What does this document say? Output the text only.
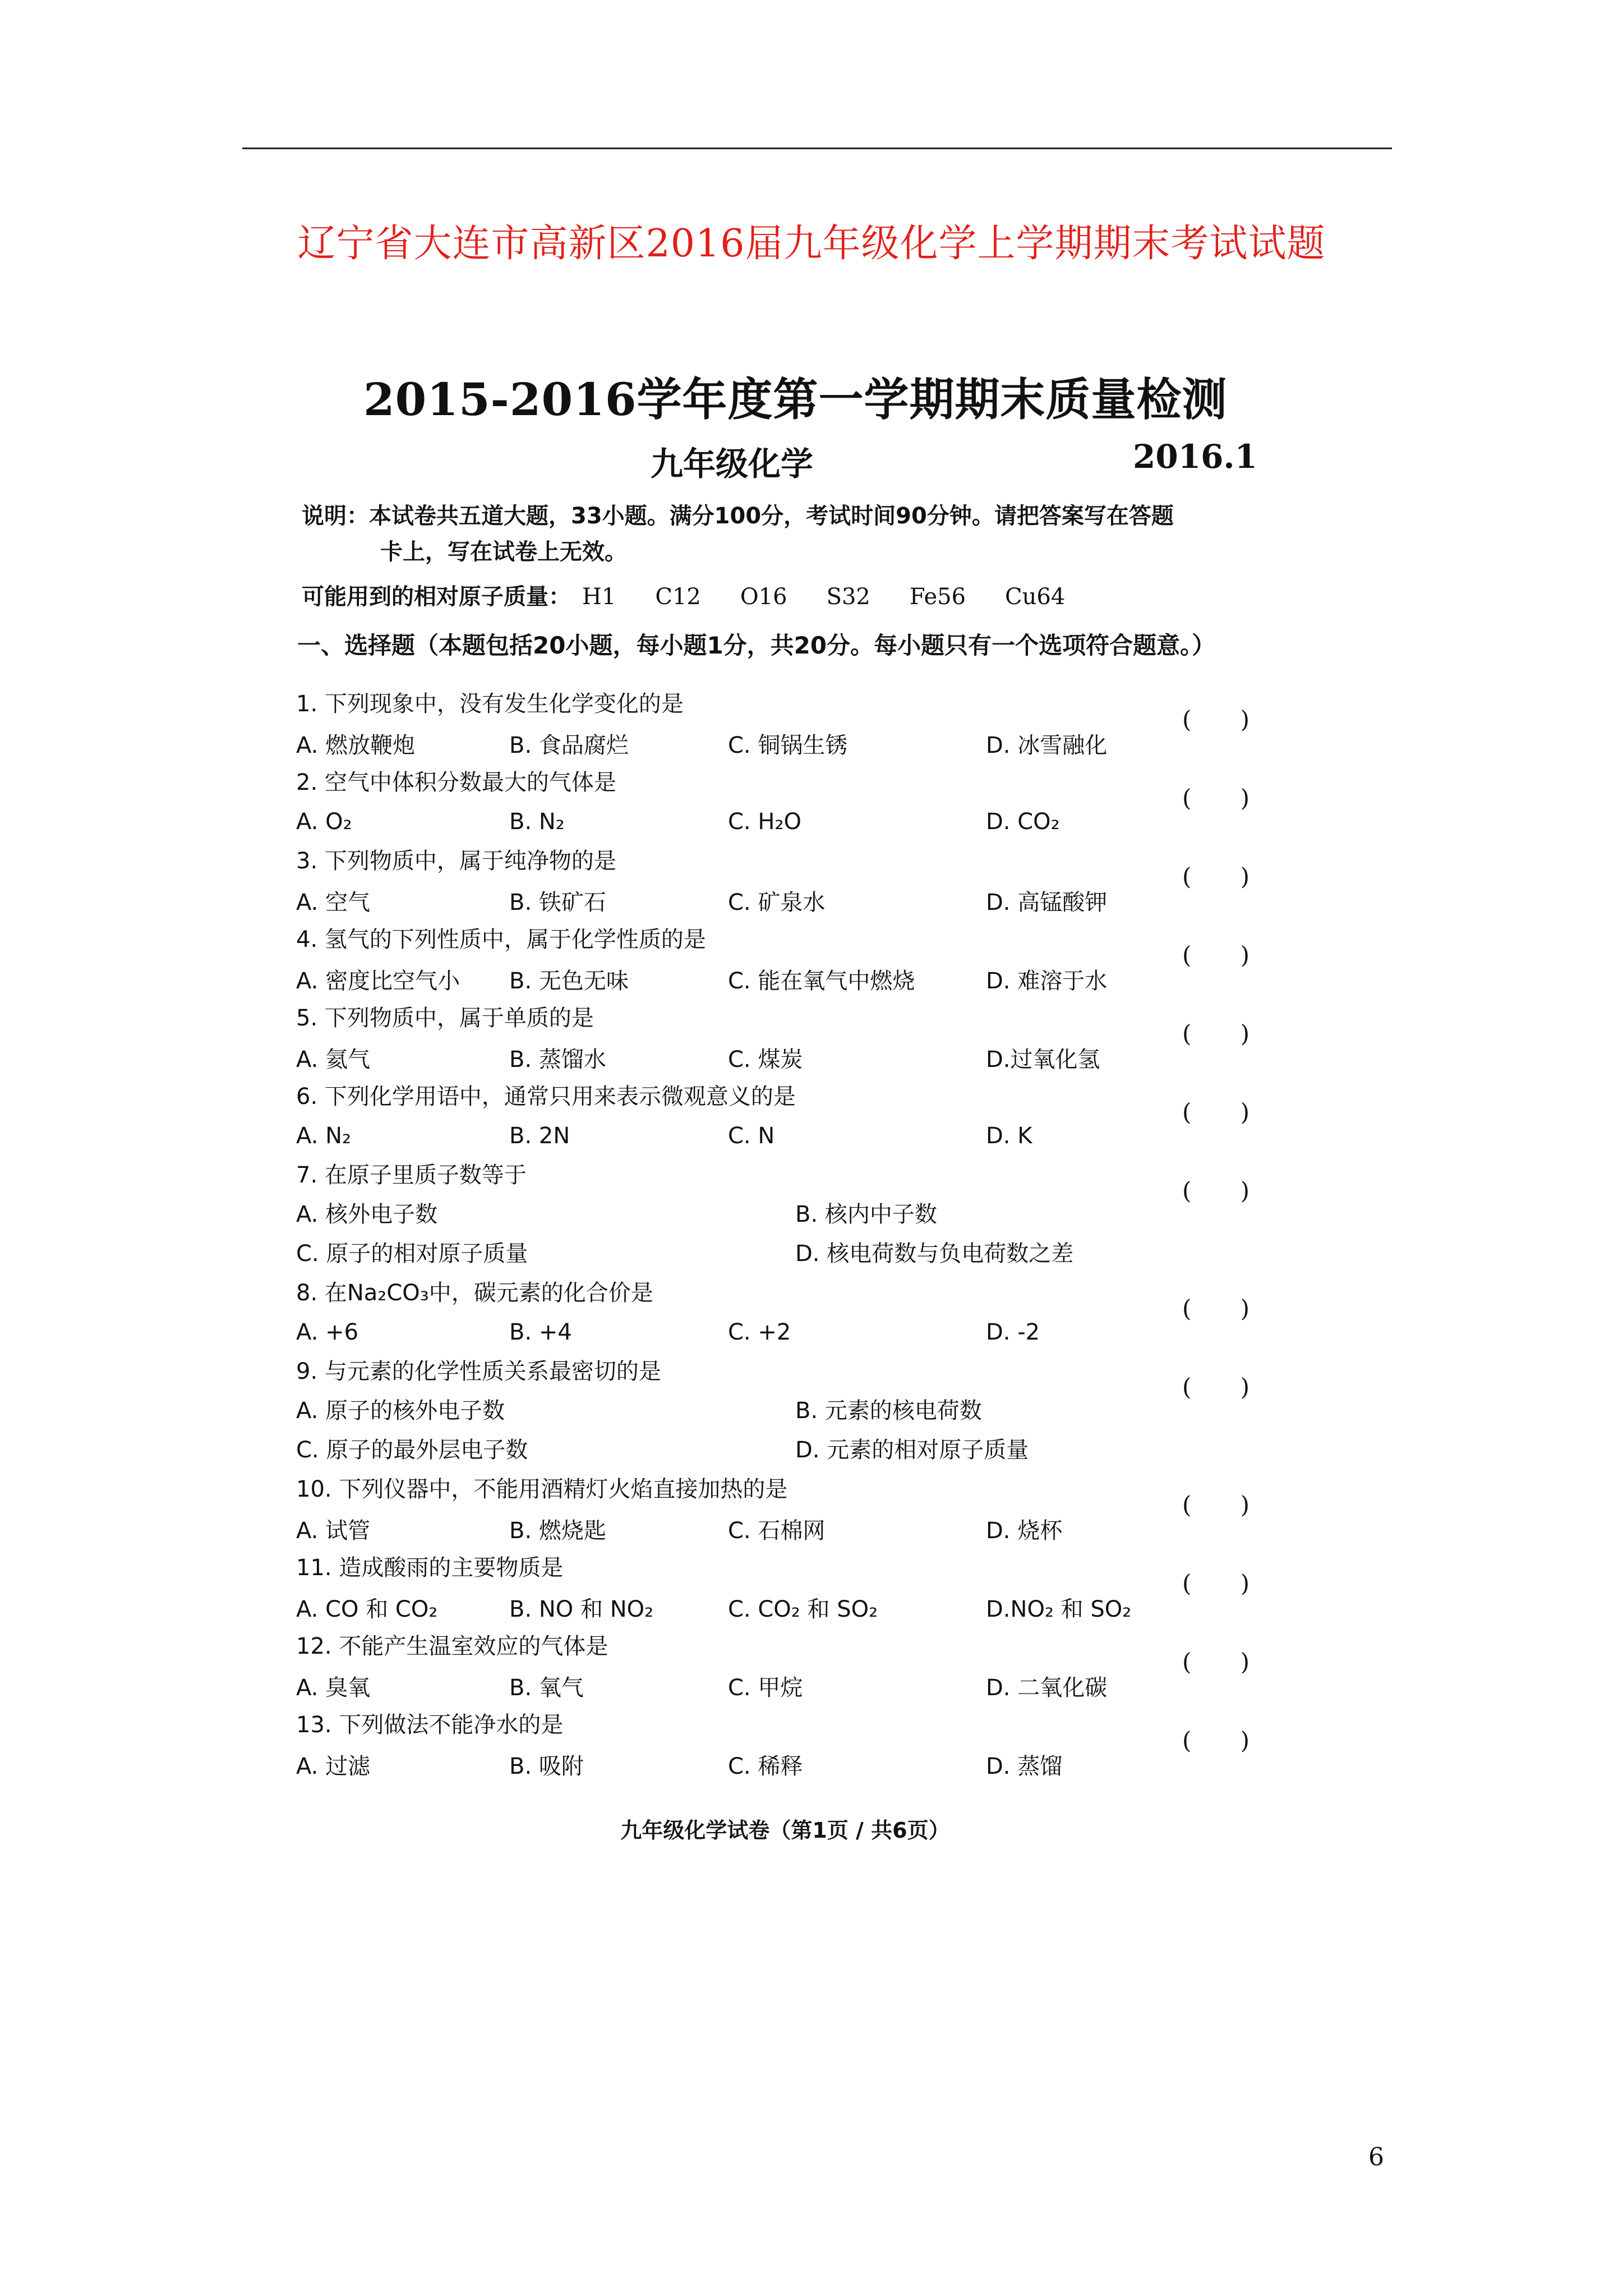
辽宁省大连市高新区2016届九年级化学上学期期末考试试题
2015-2016学年度第一学期期末质量检测
九年级化学	2016.1
说明：本试卷共五道大题，33小题。满分100分，考试时间90分钟。请把答案写在答题
卡上，写在试卷上无效。
可能用到的相对原子质量： H1 C12 O16 S32 Fe56 Cu64
一、选择题（本题包括20小题，每小题1分，共20分。每小题只有一个选项符合题意。）
1. 下列现象中，没有发生化学变化的是
( )
A. 燃放鞭炮	B. 食品腐烂	C. 铜锅生锈	D. 冰雪融化
2. 空气中体积分数最大的气体是
( )
A. O₂	B. N₂	C. H₂O	D. CO₂
3. 下列物质中，属于纯净物的是
( )
A. 空气	B. 铁矿石	C. 矿泉水	D. 高锰酸钾
4. 氢气的下列性质中，属于化学性质的是
( )
A. 密度比空气小	B. 无色无味	C. 能在氧气中燃烧	D. 难溶于水
5. 下列物质中，属于单质的是
( )
A. 氦气	B. 蒸馏水	C. 煤炭	D.过氧化氢
6. 下列化学用语中，通常只用来表示微观意义的是
( )
A. N₂	B. 2N	C. N	D. K
7. 在原子里质子数等于
( )
A. 核外电子数	B. 核内中子数
C. 原子的相对原子质量	D. 核电荷数与负电荷数之差
8. 在Na₂CO₃中，碳元素的化合价是
( )
A. +6	B. +4	C. +2	D. -2
9. 与元素的化学性质关系最密切的是
( )
A. 原子的核外电子数	B. 元素的核电荷数
C. 原子的最外层电子数	D. 元素的相对原子质量
10. 下列仪器中，不能用酒精灯火焰直接加热的是
( )
A. 试管	B. 燃烧匙	C. 石棉网	D. 烧杯
11. 造成酸雨的主要物质是
( )
A. CO 和 CO₂	B. NO 和 NO₂	C. CO₂ 和 SO₂	D.NO₂ 和 SO₂
12. 不能产生温室效应的气体是
( )
A. 臭氧	B. 氧气	C. 甲烷	D. 二氧化碳
13. 下列做法不能净水的是
( )
A. 过滤	B. 吸附	C. 稀释	D. 蒸馏
九年级化学试卷（第1页 / 共6页）
6
